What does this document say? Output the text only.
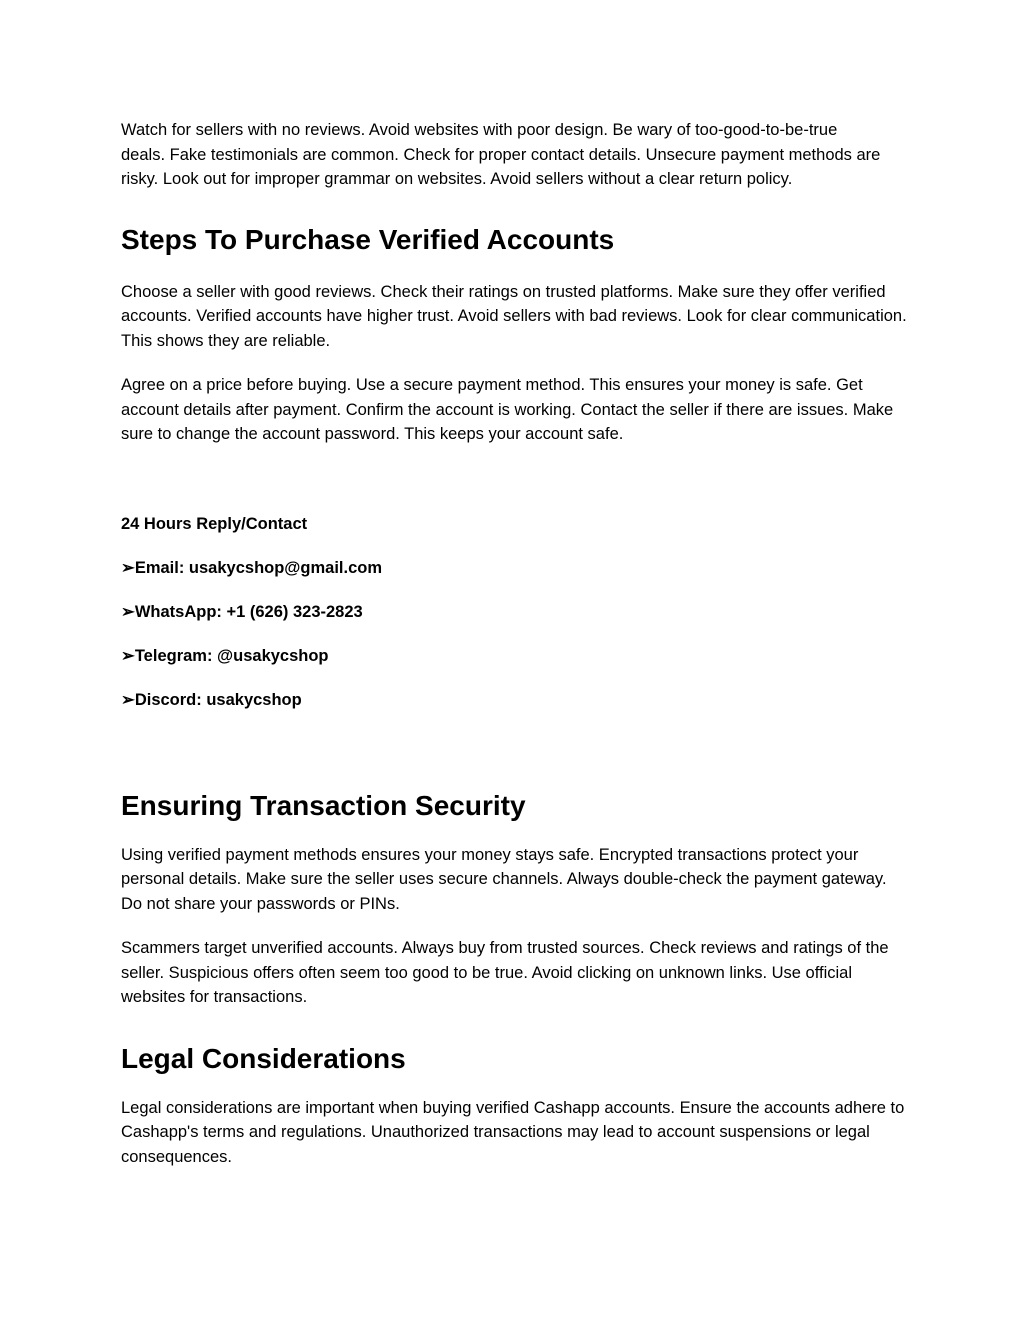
Watch for sellers with no reviews. Avoid websites with poor design. Be wary of too-good-to-be-true deals. Fake testimonials are common. Check for proper contact details. Unsecure payment methods are risky. Look out for improper grammar on websites. Avoid sellers without a clear return policy.

Steps To Purchase Verified Accounts

Choose a seller with good reviews. Check their ratings on trusted platforms. Make sure they offer verified accounts. Verified accounts have higher trust. Avoid sellers with bad reviews. Look for clear communication. This shows they are reliable.

Agree on a price before buying. Use a secure payment method. This ensures your money is safe. Get account details after payment. Confirm the account is working. Contact the seller if there are issues. Make sure to change the account password. This keeps your account safe.

24 Hours Reply/Contact

➢Email: usakycshop@gmail.com

➢WhatsApp: +1 (626) 323-2823

➢Telegram: @usakycshop

➢Discord: usakycshop

Ensuring Transaction Security

Using verified payment methods ensures your money stays safe. Encrypted transactions protect your personal details. Make sure the seller uses secure channels. Always double-check the payment gateway. Do not share your passwords or PINs.

Scammers target unverified accounts. Always buy from trusted sources. Check reviews and ratings of the seller. Suspicious offers often seem too good to be true. Avoid clicking on unknown links. Use official websites for transactions.

Legal Considerations

Legal considerations are important when buying verified Cashapp accounts. Ensure the accounts adhere to Cashapp's terms and regulations. Unauthorized transactions may lead to account suspensions or legal consequences.
